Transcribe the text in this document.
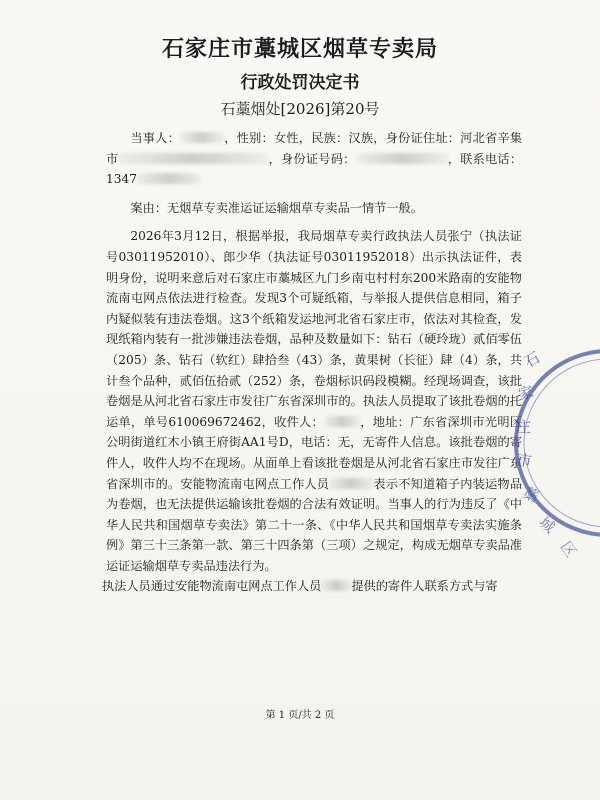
石家庄市藁城区烟草专卖局
行政处罚决定书
石藁烟处[2026]第20号

当事人：	，性别：女性，民族：汉族，身份证住址：河北省辛集市	，身份证号码：	，联系电话：1347

案由：无烟草专卖准运证运输烟草专卖品一情节一般。

2026年3月12日，根据举报，我局烟草专卖行政执法人员张宁（执法证号03011952010）、郎少华（执法证号03011952018）出示执法证件，表明身份，说明来意后对石家庄市藁城区九门乡南屯村村东200米路南的安能物流南屯网点依法进行检查。发现3个可疑纸箱，与举报人提供信息相同，箱子内疑似装有违法卷烟。这3个纸箱发运地河北省石家庄市，依法对其检查，发现纸箱内装有一批涉嫌违法卷烟，品种及数量如下：钻石（硬玲珑）贰佰零伍（205）条、钻石（软红）肆拾叁（43）条，黄果树（长征）肆（4）条，共计叁个品种，贰佰伍拾贰（252）条，卷烟标识码段模糊。经现场调查，该批卷烟是从河北省石家庄市发往广东省深圳市的。执法人员提取了该批卷烟的托运单，单号610069672462，收件人：	，地址：广东省深圳市光明区公明街道红木小镇王府街AA1号D，电话：无，无寄件人信息。该批卷烟的寄件人，收件人均不在现场。从面单上看该批卷烟是从河北省石家庄市发往广东省深圳市的。安能物流南屯网点工作人员	表示不知道箱子内装运物品为卷烟，也无法提供运输该批卷烟的合法有效证明。当事人的行为违反了《中华人民共和国烟草专卖法》第二十一条、《中华人民共和国烟草专卖法实施条例》第三十三条第一款、第三十四条第（三项）之规定，构成无烟草专卖品准运证运输烟草专卖品违法行为。

执法人员通过安能物流南屯网点工作人员 提供的寄件人联系方式与寄

石
家
庄
市
藁
城
区
第 1 页/共 2 页
